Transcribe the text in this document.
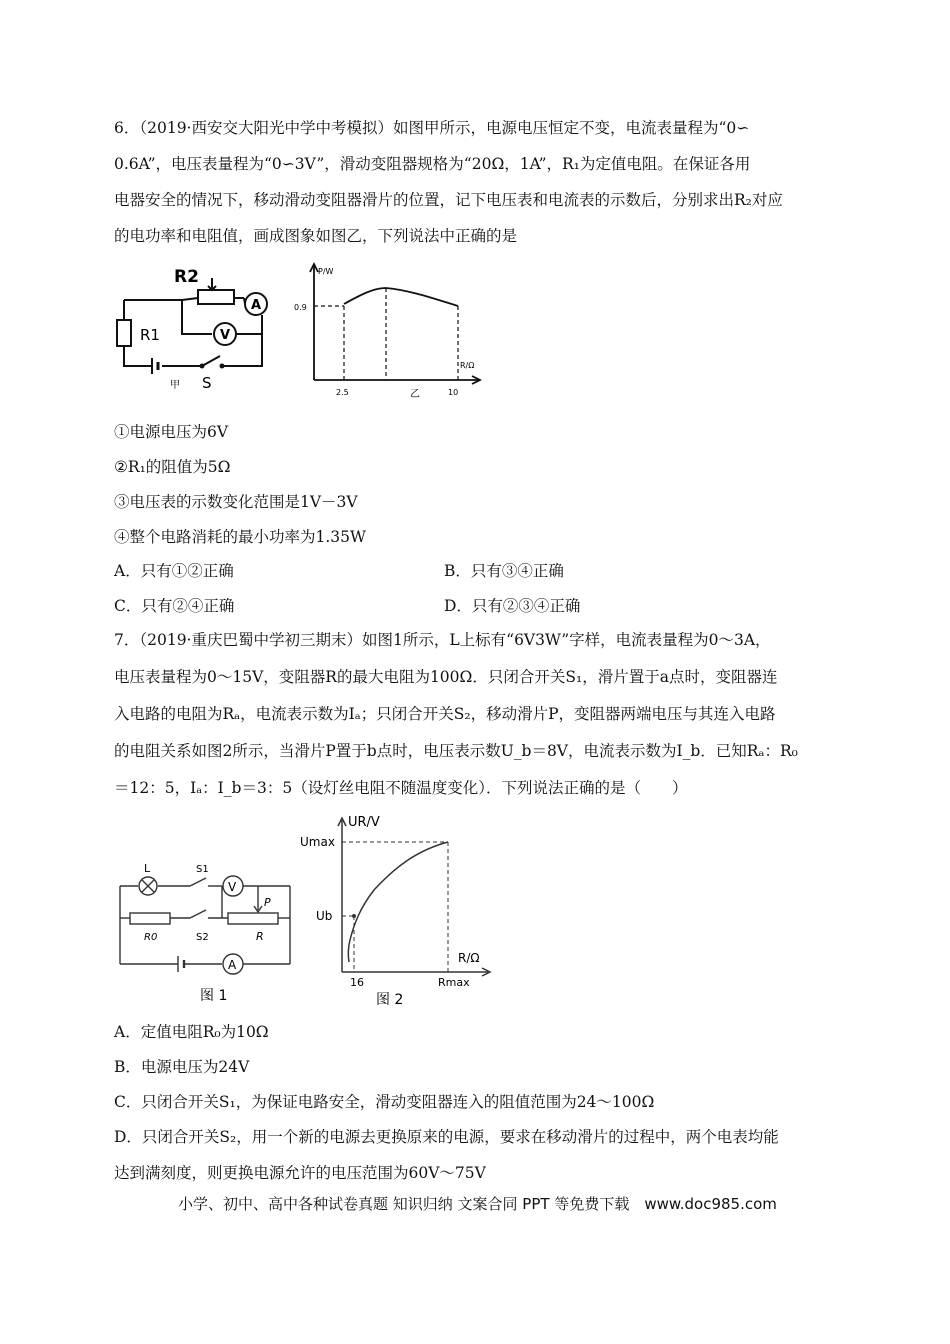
6．（2019·西安交大阳光中学中考模拟）如图甲所示，电源电压恒定不变，电流表量程为“0∽
0.6A”，电压表量程为“0∽3V”，滑动变阻器规格为“20Ω，1A”，R₁为定值电阻。在保证各用
电器安全的情况下，移动滑动变阻器滑片的位置，记下电压表和电流表的示数后，分别求出R₂对应
的电功率和电阻值，画成图象如图乙，下列说法中正确的是
R2
R1
A
V
S
甲
P/W
R/Ω
0.9
2.5	10
乙
①电源电压为6V
②R₁的阻值为5Ω
③电压表的示数变化范围是1V－3V
④整个电路消耗的最小功率为1.35W
A．只有①②正确	B．只有③④正确
C．只有②④正确	D．只有②③④正确
7．（2019·重庆巴蜀中学初三期末）如图1所示，L上标有“6V3W”字样，电流表量程为0～3A，
电压表量程为0～15V，变阻器R的最大电阻为100Ω．只闭合开关S₁，滑片置于a点时，变阻器连
入电路的电阻为Rₐ，电流表示数为Iₐ；只闭合开关S₂，移动滑片P，变阻器两端电压与其连入电路
的电阻关系如图2所示，当滑片P置于b点时，电压表示数U_b＝8V，电流表示数为I_b．已知Rₐ：R₀
＝12：5，Iₐ：I_b＝3：5（设灯丝电阻不随温度变化）．下列说法正确的是（　　）
L	S1
V
P
R0	S2	R
A
图 1
UR/V
Umax
Ub
R/Ω
16	Rmax
图 2
A．定值电阻R₀为10Ω
B．电源电压为24V
C．只闭合开关S₁，为保证电路安全，滑动变阻器连入的阻值范围为24～100Ω
D．只闭合开关S₂，用一个新的电源去更换原来的电源，要求在移动滑片的过程中，两个电表均能
达到满刻度，则更换电源允许的电压范围为60V～75V
小学、初中、高中各种试卷真题 知识归纳 文案合同 PPT 等免费下载　www.doc985.com
